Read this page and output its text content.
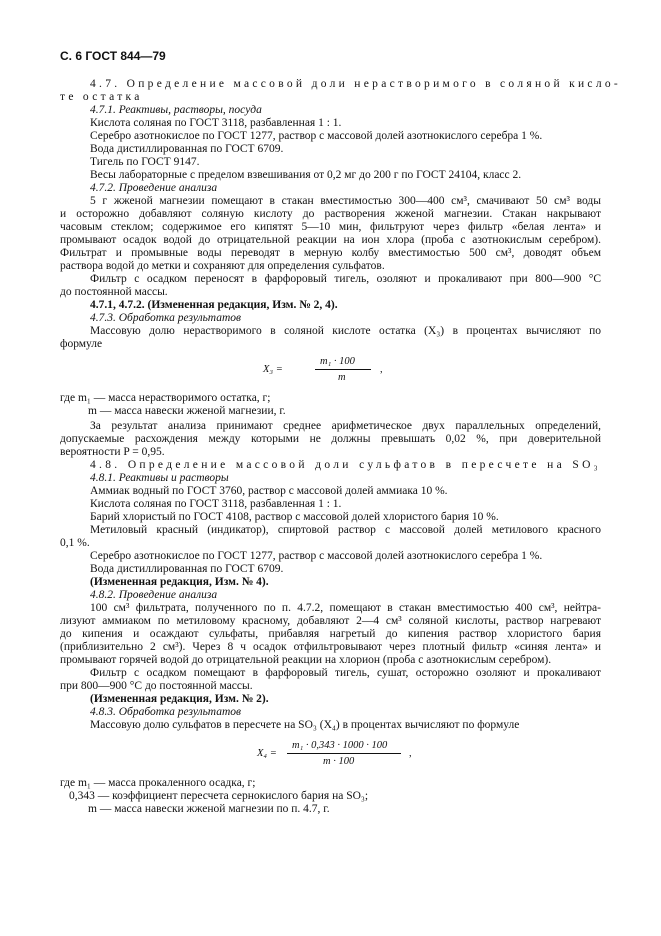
С. 6 ГОСТ 844—79
4.7. Определение массовой доли нерастворимого в соляной кисло-
те остатка
4.7.1. Реактивы, растворы, посуда
Кислота соляная по ГОСТ 3118, разбавленная 1 : 1.
Серебро азотнокислое по ГОСТ 1277, раствор с массовой долей азотнокислого серебра 1 %.
Вода дистиллированная по ГОСТ 6709.
Тигель по ГОСТ 9147.
Весы лабораторные с пределом взвешивания от 0,2 мг до 200 г по ГОСТ 24104, класс 2.
4.7.2. Проведение анализа
5 г жженой магнезии помещают в стакан вместимостью 300—400 см³, смачивают 50 см³ воды
и осторожно добавляют соляную кислоту до растворения жженой магнезии. Стакан накрывают
часовым стеклом; содержимое его кипятят 5—10 мин, фильтруют через фильтр «белая лента» и
промывают осадок водой до отрицательной реакции на ион хлора (проба с азотнокислым серебром).
Фильтрат и промывные воды переводят в мерную колбу вместимостью 500 см³, доводят объем
раствора водой до метки и сохраняют для определения сульфатов.
Фильтр с осадком переносят в фарфоровый тигель, озоляют и прокаливают при 800—900 °С
до постоянной массы.
4.7.1, 4.7.2. (Измененная редакция, Изм. № 2, 4).
4.7.3. Обработка результатов
Массовую долю нерастворимого в соляной кислоте остатка (X₃) в процентах вычисляют по
формуле
X₃ =
m₁ · 100
m
,
где m₁ — масса нерастворимого остатка, г;
m — масса навески жженой магнезии, г.
За результат анализа принимают среднее арифметическое двух параллельных определений,
допускаемые расхождения между которыми не должны превышать 0,02 %, при доверительной
вероятности P = 0,95.
4.8. Определение массовой доли сульфатов в пересчете на SO₃
4.8.1. Реактивы и растворы
Аммиак водный по ГОСТ 3760, раствор с массовой долей аммиака 10 %.
Кислота соляная по ГОСТ 3118, разбавленная 1 : 1.
Барий хлористый по ГОСТ 4108, раствор с массовой долей хлористого бария 10 %.
Метиловый красный (индикатор), спиртовой раствор с массовой долей метилового красного
0,1 %.
Серебро азотнокислое по ГОСТ 1277, раствор с массовой долей азотнокислого серебра 1 %.
Вода дистиллированная по ГОСТ 6709.
(Измененная редакция, Изм. № 4).
4.8.2. Проведение анализа
100 см³ фильтрата, полученного по п. 4.7.2, помещают в стакан вместимостью 400 см³, нейтра-
лизуют аммиаком по метиловому красному, добавляют 2—4 см³ соляной кислоты, раствор нагревают
до кипения и осаждают сульфаты, прибавляя нагретый до кипения раствор хлористого бария
(приблизительно 2 см³). Через 8 ч осадок отфильтровывают через плотный фильтр «синяя лента» и
промывают горячей водой до отрицательной реакции на хлорион (проба с азотнокислым серебром).
Фильтр с осадком помещают в фарфоровый тигель, сушат, осторожно озоляют и прокаливают
при 800—900 °С до постоянной массы.
(Измененная редакция, Изм. № 2).
4.8.3. Обработка результатов
Массовую долю сульфатов в пересчете на SO₃ (X₄) в процентах вычисляют по формуле
X₄ =
m₁ · 0,343 · 1000 · 100
m · 100
,
где m₁ — масса прокаленного осадка, г;
0,343 — коэффициент пересчета сернокислого бария на SO₃;
m — масса навески жженой магнезии по п. 4.7, г.
